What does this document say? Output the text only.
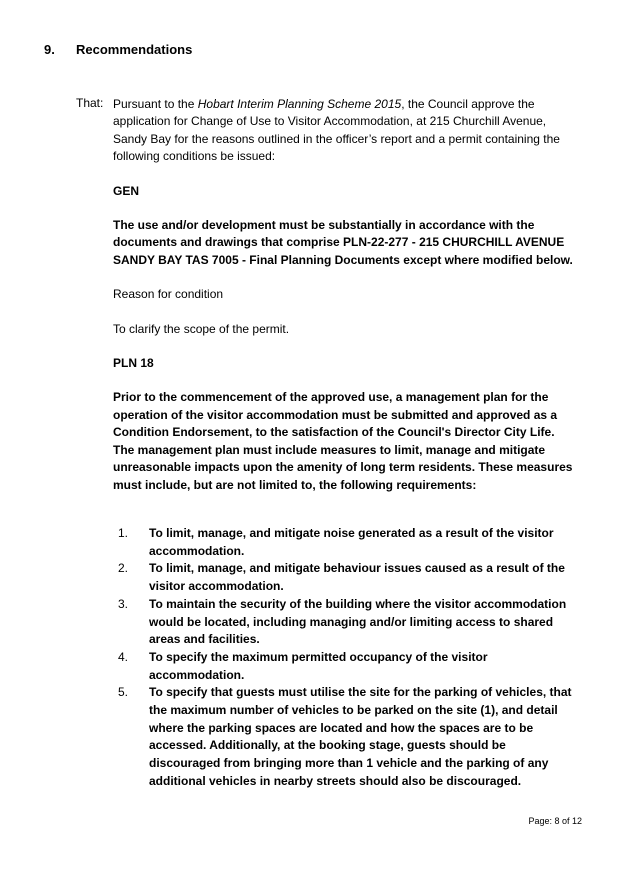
9. Recommendations

That: Pursuant to the Hobart Interim Planning Scheme 2015, the Council approve the application for Change of Use to Visitor Accommodation, at 215 Churchill Avenue, Sandy Bay for the reasons outlined in the officer’s report and a permit containing the following conditions be issued:

GEN

The use and/or development must be substantially in accordance with the documents and drawings that comprise PLN-22-277 - 215 CHURCHILL AVENUE SANDY BAY TAS 7005 - Final Planning Documents except where modified below.

Reason for condition

To clarify the scope of the permit.

PLN 18

Prior to the commencement of the approved use, a management plan for the operation of the visitor accommodation must be submitted and approved as a Condition Endorsement, to the satisfaction of the Council's Director City Life. The management plan must include measures to limit, manage and mitigate unreasonable impacts upon the amenity of long term residents. These measures must include, but are not limited to, the following requirements:

1. To limit, manage, and mitigate noise generated as a result of the visitor accommodation.
2. To limit, manage, and mitigate behaviour issues caused as a result of the visitor accommodation.
3. To maintain the security of the building where the visitor accommodation would be located, including managing and/or limiting access to shared areas and facilities.
4. To specify the maximum permitted occupancy of the visitor accommodation.
5. To specify that guests must utilise the site for the parking of vehicles, that the maximum number of vehicles to be parked on the site (1), and detail where the parking spaces are located and how the spaces are to be accessed. Additionally, at the booking stage, guests should be discouraged from bringing more than 1 vehicle and the parking of any additional vehicles in nearby streets should also be discouraged.
Page: 8 of 12
